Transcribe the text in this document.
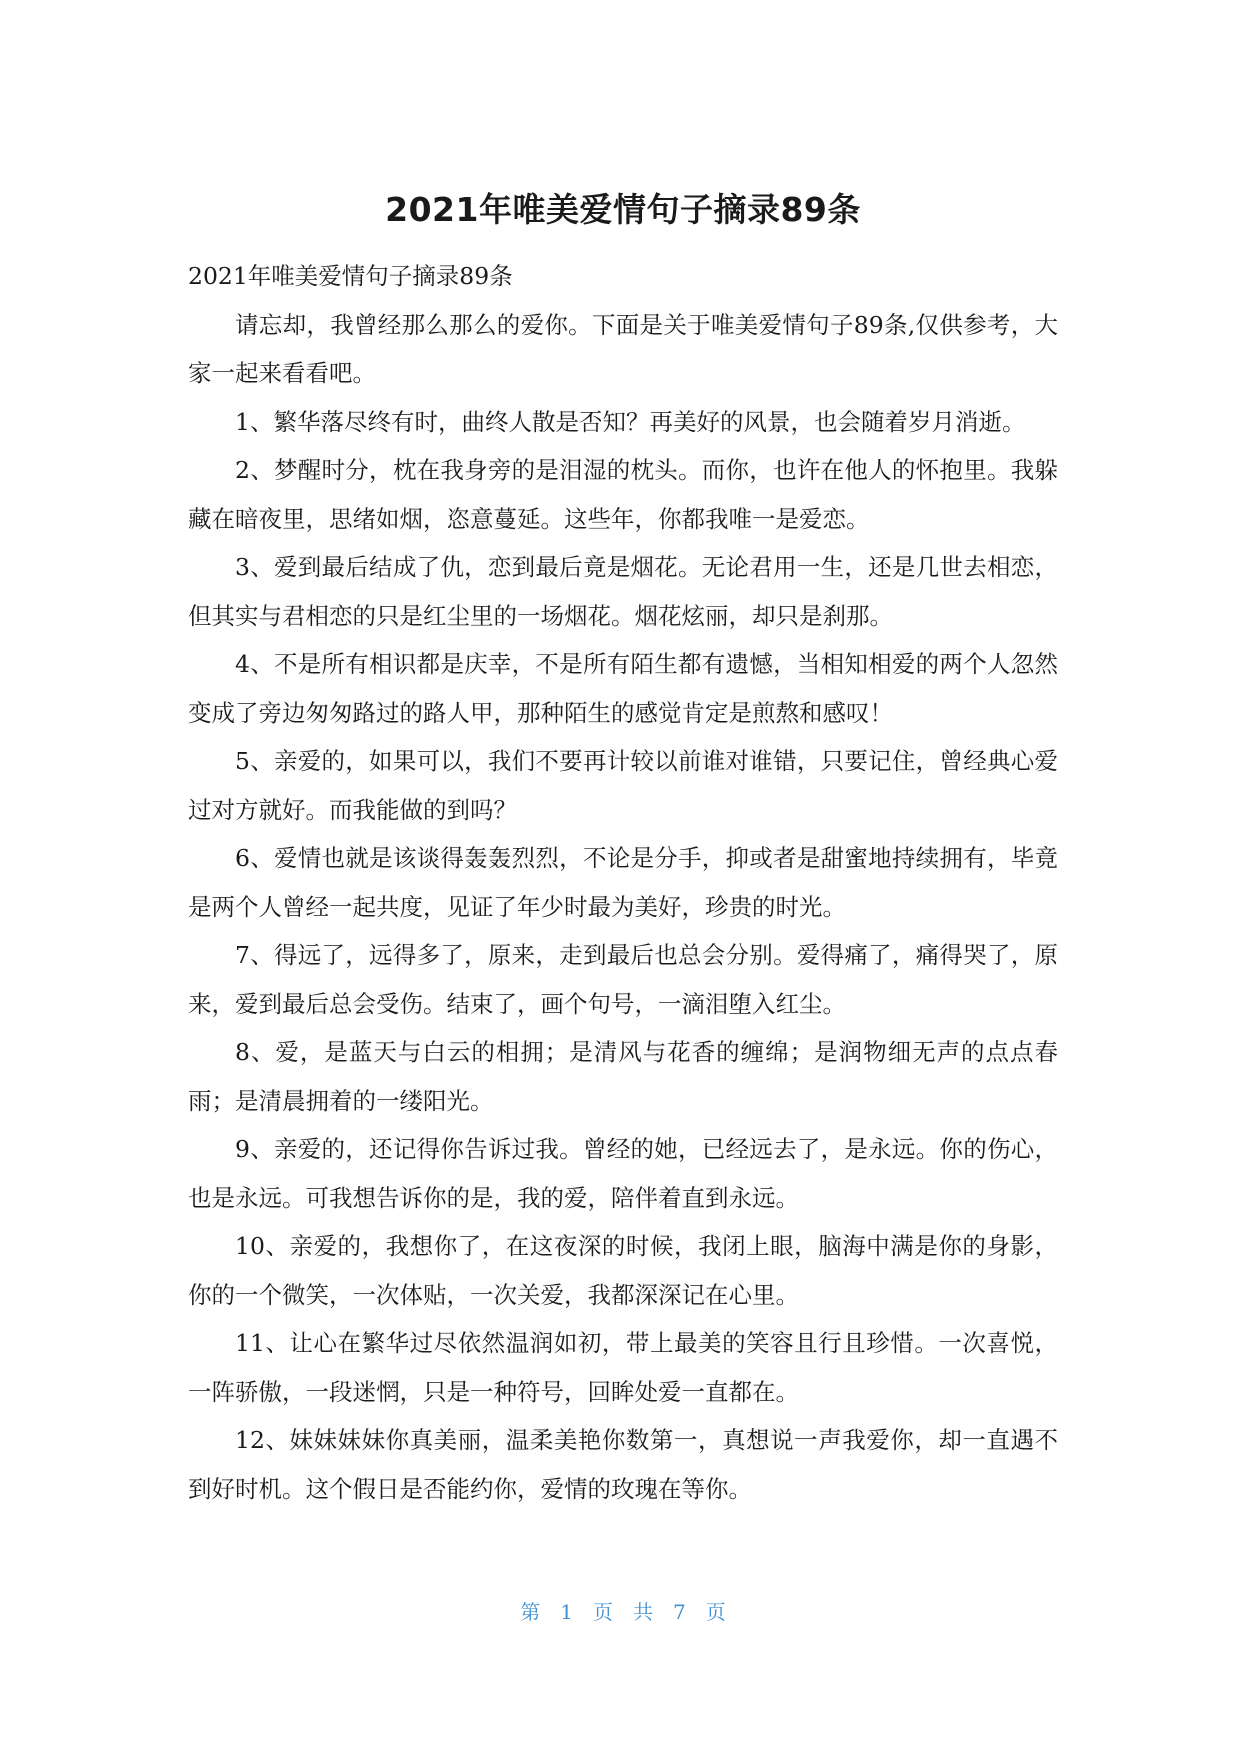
2021年唯美爱情句子摘录89条

2021年唯美爱情句子摘录89条

请忘却，我曾经那么那么的爱你。下面是关于唯美爱情句子89条,仅供参考，大家一起来看看吧。

1、繁华落尽终有时，曲终人散是否知？再美好的风景，也会随着岁月消逝。

2、梦醒时分，枕在我身旁的是泪湿的枕头。而你，也许在他人的怀抱里。我躲藏在暗夜里，思绪如烟，恣意蔓延。这些年，你都我唯一是爱恋。

3、爱到最后结成了仇，恋到最后竟是烟花。无论君用一生，还是几世去相恋，但其实与君相恋的只是红尘里的一场烟花。烟花炫丽，却只是刹那。

4、不是所有相识都是庆幸，不是所有陌生都有遗憾，当相知相爱的两个人忽然变成了旁边匆匆路过的路人甲，那种陌生的感觉肯定是煎熬和感叹！

5、亲爱的，如果可以，我们不要再计较以前谁对谁错，只要记住，曾经典心爱过对方就好。而我能做的到吗？

6、爱情也就是该谈得轰轰烈烈，不论是分手，抑或者是甜蜜地持续拥有，毕竟是两个人曾经一起共度，见证了年少时最为美好，珍贵的时光。

7、得远了，远得多了，原来，走到最后也总会分别。爱得痛了，痛得哭了，原来，爱到最后总会受伤。结束了，画个句号，一滴泪堕入红尘。

8、爱，是蓝天与白云的相拥；是清风与花香的缠绵；是润物细无声的点点春雨；是清晨拥着的一缕阳光。

9、亲爱的，还记得你告诉过我。曾经的她，已经远去了，是永远。你的伤心，也是永远。可我想告诉你的是，我的爱，陪伴着直到永远。

10、亲爱的，我想你了，在这夜深的时候，我闭上眼，脑海中满是你的身影，你的一个微笑，一次体贴，一次关爱，我都深深记在心里。

11、让心在繁华过尽依然温润如初，带上最美的笑容且行且珍惜。一次喜悦，一阵骄傲，一段迷惘，只是一种符号，回眸处爱一直都在。

12、妹妹妹妹你真美丽，温柔美艳你数第一，真想说一声我爱你，却一直遇不到好时机。这个假日是否能约你，爱情的玫瑰在等你。

第 1 页 共 7 页
